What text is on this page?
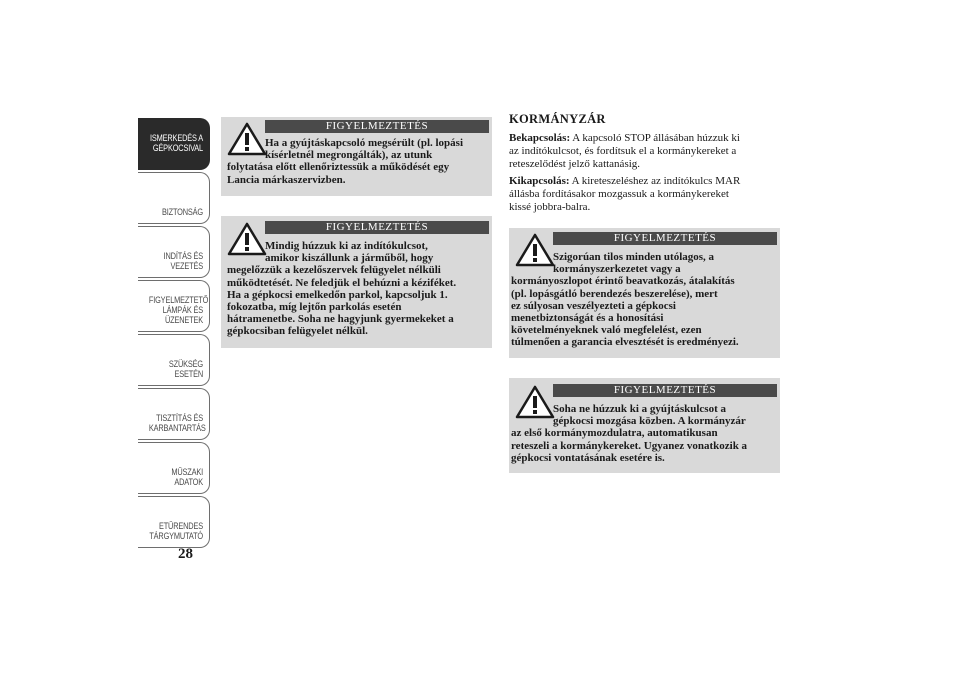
ISMERKEDÉS A
GÉPKOCSIVAL
BIZTONSÁG
INDÍTÁS ÉS
VEZETÉS
FIGYELMEZTETŐ
LÁMPÁK ÉS
ÜZENETEK
SZÜKSÉG ESETÉN
TISZTÍTÁS ÉS
KARBANTARTÁS
MŰSZAKI ADATOK
ETŰRENDES
TÁRGYMUTATÓ
28
FIGYELMEZTETÉS
Ha a gyújtáskapcsoló megsérült (pl. lopási
kísérletnél megrongálták), az utunk
folytatása előtt ellenőriztessük a működését egy
Lancia márkaszervizben.
FIGYELMEZTETÉS
Mindig húzzuk ki az indítókulcsot,
amikor kiszállunk a járműből, hogy
megelőzzük a kezelőszervek felügyelet nélküli
működtetését. Ne feledjük el behúzni a kéziféket.
Ha a gépkocsi emelkedőn parkol, kapcsoljuk 1.
fokozatba, míg lejtőn parkolás esetén
hátramenetbe. Soha ne hagyjunk gyermekeket a
gépkocsiban felügyelet nélkül.
KORMÁNYZÁR
Bekapcsolás: A kapcsoló STOP állásában húzzuk ki
az indítókulcsot, és fordítsuk el a kormánykereket a
reteszelődést jelző kattanásig.
Kikapcsolás: A kireteszeléshez az indítókulcs MAR
állásba fordításakor mozgassuk a kormánykereket
kissé jobbra-balra.
FIGYELMEZTETÉS
Szigorúan tilos minden utólagos, a
kormányszerkezetet vagy a
kormányoszlopot érintő beavatkozás, átalakítás
(pl. lopásgátló berendezés beszerelése), mert
ez súlyosan veszélyezteti a gépkocsi
menetbiztonságát és a honosítási
követelményeknek való megfelelést, ezen
túlmenően a garancia elvesztését is eredményezi.
FIGYELMEZTETÉS
Soha ne húzzuk ki a gyújtáskulcsot a
gépkocsi mozgása közben. A kormányzár
az első kormánymozdulatra, automatikusan
reteszeli a kormánykereket. Ugyanez vonatkozik a
gépkocsi vontatásának esetére is.
